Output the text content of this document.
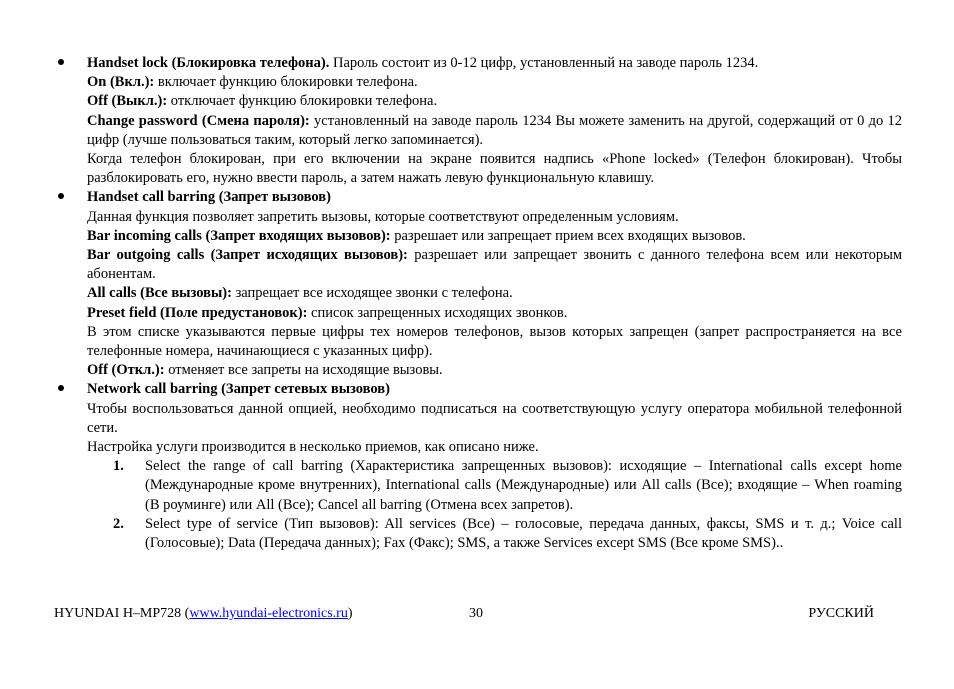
Handset lock (Блокировка телефона). Пароль состоит из 0-12 цифр, установленный на заводе пароль 1234.

On (Вкл.): включает функцию блокировки телефона.

Off (Выкл.): отключает функцию блокировки телефона.

Change password (Смена пароля): установленный на заводе пароль 1234 Вы можете заменить на другой, содержащий от 0 до 12 цифр (лучше пользоваться таким, который легко запоминается).

Когда телефон блокирован, при его включении на экране появится надпись «Phone locked» (Телефон блокирован). Чтобы разблокировать его, нужно ввести пароль, а затем нажать левую функциональную клавишу.

Handset call barring (Запрет вызовов)

Данная функция позволяет запретить вызовы, которые соответствуют определенным условиям.

Bar incoming calls (Запрет входящих вызовов): разрешает или запрещает прием всех входящих вызовов.

Bar outgoing calls (Запрет исходящих вызовов): разрешает или запрещает звонить с данного телефона всем или некоторым абонентам.

All calls (Все вызовы): запрещает все исходящее звонки с телефона.

Preset field (Поле предустановок): список запрещенных исходящих звонков.

В этом списке указываются первые цифры тех номеров телефонов, вызов которых запрещен (запрет распространяется на все телефонные номера, начинающиеся с указанных цифр).

Off (Откл.): отменяет все запреты на исходящие вызовы.

Network call barring (Запрет сетевых вызовов)

Чтобы воспользоваться данной опцией, необходимо подписаться на соответствующую услугу оператора мобильной телефонной сети.

Настройка услуги производится в несколько приемов, как описано ниже.

1. Select the range of call barring (Характеристика запрещенных вызовов): исходящие – International calls except home (Международные кроме внутренних), International calls (Международные) или All calls (Все); входящие – When roaming (В роуминге) или All (Все); Cancel all barring (Отмена всех запретов).
2. Select type of service (Тип вызовов): All services (Все) – голосовые, передача данных, факсы, SMS и т. д.; Voice call (Голосовые); Data (Передача данных); Fax (Факс); SMS, а также Services except SMS (Все кроме SMS)..
HYUNDAI H–MP728 (www.hyundai-electronics.ru)	30	РУССКИЙ
